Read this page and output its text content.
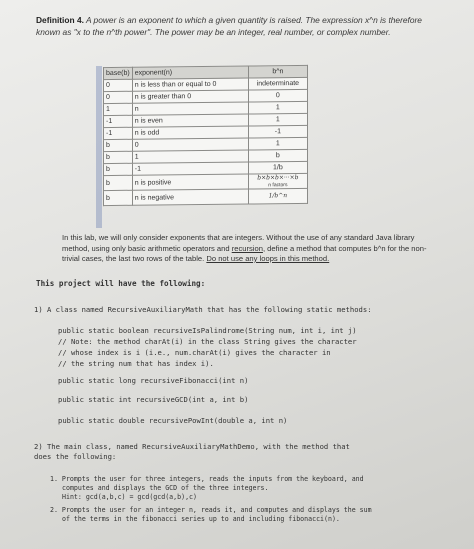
Definition 4. A power is an exponent to which a given quantity is raised. The expression x^n is therefore known as "x to the n^th power". The power may be an integer, real number, or complex number.
base(b)	exponent(n)	b^n
0	n is less than or equal to 0	indeterminate
0	n is greater than 0	0
1	n	1
-1	n is even	1
-1	n is odd	-1
b	0	1
b	1	b
b	-1	1/b
b	n is positive	b×b×b×···×b
n factors

b	n is negative	1/b^n
In this lab, we will only consider exponents that are integers. Without the use of any standard Java library method, using only basic arithmetic operators and recursion, define a method that computes b^n for the non-trivial cases, the last two rows of the table. Do not use any loops in this method.
This project will have the following:
1) A class named RecursiveAuxiliaryMath that has the following static methods:
public static boolean recursiveIsPalindrome(String num, int i, int j)
// Note: the method charAt(i) in the class String gives the character
// whose index is i (i.e., num.charAt(i) gives the character in
// the string num that has index i).
public static long recursiveFibonacci(int n)
public static int recursiveGCD(int a, int b)
public static double recursivePowInt(double a, int n)
2) The main class, named RecursiveAuxiliaryMathDemo, with the method that
does the following:
1. Prompts the user for three integers, reads the inputs from the keyboard, and
computes and displays the GCD of the three integers.
Hint: gcd(a,b,c) = gcd(gcd(a,b),c)
2. Prompts the user for an integer n, reads it, and computes and displays the sum
of the terms in the fibonacci series up to and including fibonacci(n).
